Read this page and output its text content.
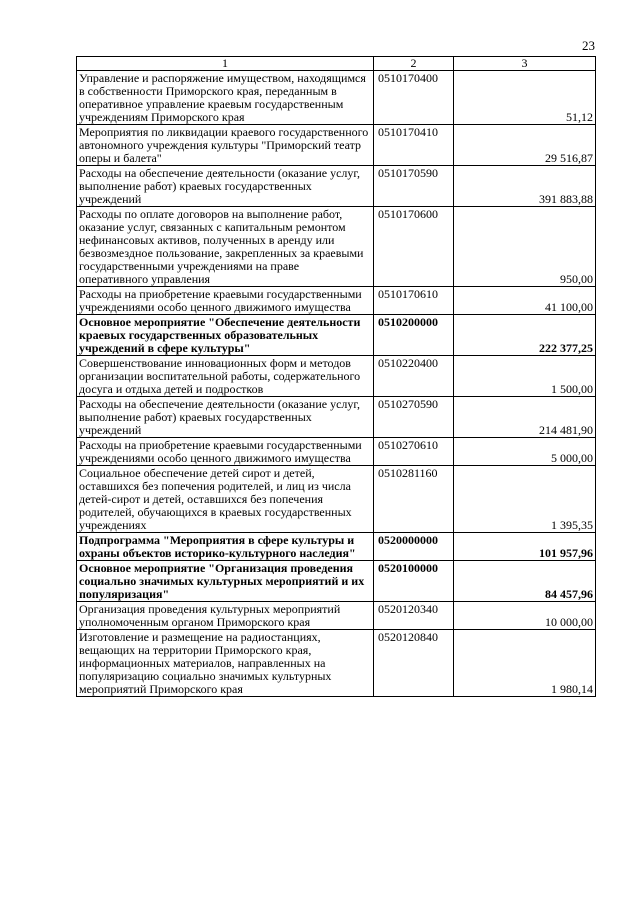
23
1	2	3
Управление и распоряжение имуществом, находящимся в собственности Приморского края, переданным в оперативное управление краевым государственным учреждениям Приморского края	0510170400	51,12
Мероприятия по ликвидации краевого государственного автономного учреждения культуры "Приморский театр оперы и балета"	0510170410	29 516,87
Расходы на обеспечение деятельности (оказание услуг, выполнение работ) краевых государственных учреждений	0510170590	391 883,88
Расходы по оплате договоров на выполнение работ, оказание услуг, связанных с капитальным ремонтом нефинансовых активов, полученных в аренду или безвозмездное пользование, закрепленных за краевыми государственными учреждениями на праве оперативного управления	0510170600	950,00
Расходы на приобретение краевыми государственными учреждениями особо ценного движимого имущества	0510170610	41 100,00
Основное мероприятие "Обеспечение деятельности краевых государственных образовательных учреждений в сфере культуры"	0510200000	222 377,25
Совершенствование инновационных форм и методов организации воспитательной работы, содержательного досуга и отдыха детей и подростков	0510220400	1 500,00
Расходы на обеспечение деятельности (оказание услуг, выполнение работ) краевых государственных учреждений	0510270590	214 481,90
Расходы на приобретение краевыми государственными учреждениями особо ценного движимого имущества	0510270610	5 000,00
Социальное обеспечение детей сирот и детей, оставшихся без попечения родителей, и лиц из числа детей-сирот и детей, оставшихся без попечения родителей, обучающихся в краевых государственных учреждениях	0510281160	1 395,35
Подпрограмма "Мероприятия в сфере культуры и охраны объектов историко-культурного наследия"	0520000000	101 957,96
Основное мероприятие "Организация проведения социально значимых культурных мероприятий и их популяризация"	0520100000	84 457,96
Организация проведения культурных мероприятий уполномоченным органом Приморского края	0520120340	10 000,00
Изготовление и размещение на радиостанциях, вещающих на территории Приморского края, информационных материалов, направленных на популяризацию социально значимых культурных мероприятий Приморского края	0520120840	1 980,14
